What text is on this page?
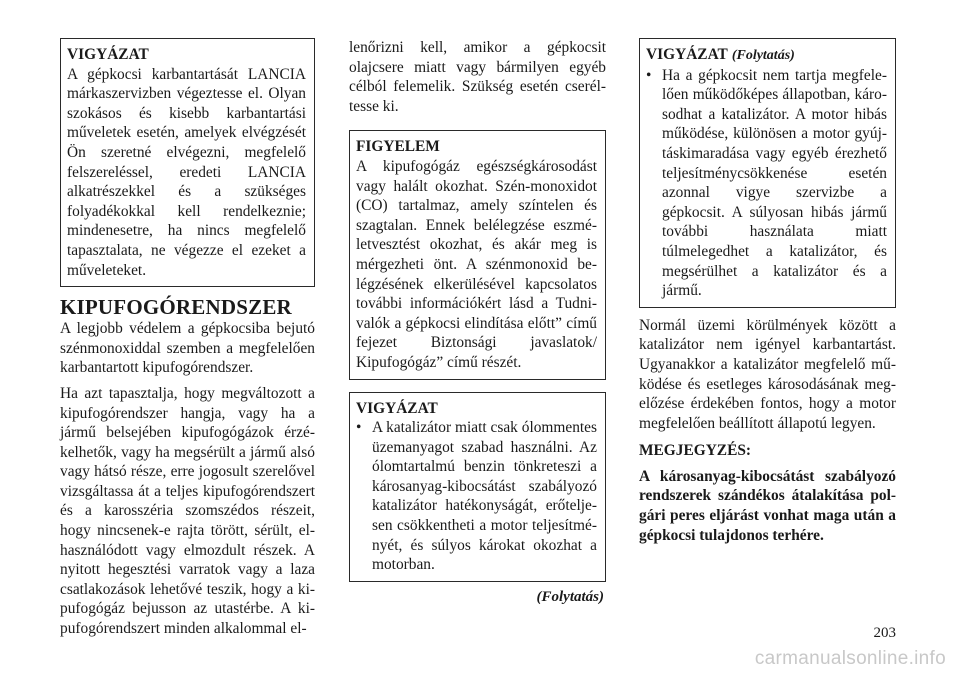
VIGYÁZAT

A gépkocsi karbantartását LANCIA márkaszervizben végeztesse el. Olyan szokásos és kisebb karbantartási műveletek esetén, amelyek elvégzését Ön szeretné elvégezni, megfelelő felszereléssel, eredeti LANCIA alkatrészekkel és a szükséges folyadékokkal kell rendelkeznie; mindenesetre, ha nincs megfelelő tapasztalata, ne végezze el ezeket a műveleteket.

KIPUFOGÓRENDSZER

A legjobb védelem a gépkocsiba bejutó szénmonoxiddal szemben a megfelelően karbantartott kipufogórendszer.

Ha azt tapasztalja, hogy megváltozott a kipufogórendszer hangja, vagy ha a jármű belsejében kipufogógázok érzékelhetők, vagy ha megsérült a jármű alsó vagy hátsó része, erre jogosult szerelővel vizsgáltassa át a teljes kipufogórendszert és a karosszéria szomszédos részeit, hogy nincsenek-e rajta törött, sérült, elhasználódott vagy elmozdult részek. A nyitott hegesztési varratok vagy a laza csatlakozások lehetővé teszik, hogy a kipufogógáz bejusson az utastérbe. A kipufogórendszert minden alkalommal el-

lenőrizni kell, amikor a gépkocsit olajcsere miatt vagy bármilyen egyéb célból felemelik. Szükség esetén cseréltesse ki.

FIGYELEM

A kipufogógáz egészségkárosodást vagy halált okozhat. Szén-monoxidot (CO) tartalmaz, amely színtelen és szagtalan. Ennek belélegzése eszméletvesztést okozhat, és akár meg is mérgezheti önt. A szénmonoxid belégzésének elkerülésével kapcsolatos további információkért lásd a Tudnivalók a gépkocsi elindítása előtt” című fejezet Biztonsági javaslatok/ Kipufogógáz” című részét.

VIGYÁZAT
• A katalizátor miatt csak ólommentes üzemanyagot szabad használni. Az ólomtartalmú benzin tönkreteszi a károsanyag-kibocsátást szabályozó katalizátor hatékonyságát, erőteljesen csökkentheti a motor teljesítményét, és súlyos károkat okozhat a motorban.
(Folytatás)
VIGYÁZAT (Folytatás)
• Ha a gépkocsit nem tartja megfelelően működőképes állapotban, károsodhat a katalizátor. A motor hibás működése, különösen a motor gyújtáskimaradása vagy egyéb érezhető teljesítménycsökkenése esetén azonnal vigye szervizbe a gépkocsit. A súlyosan hibás jármű további használata miatt túlmelegedhet a katalizátor, és megsérülhet a katalizátor és a jármű.

Normál üzemi körülmények között a katalizátor nem igényel karbantartást. Ugyanakkor a katalizátor megfelelő működése és esetleges károsodásának megelőzése érdekében fontos, hogy a motor megfelelően beállított állapotú legyen.

MEGJEGYZÉS:

A károsanyag-kibocsátást szabályozó rendszerek szándékos átalakítása polgári peres eljárást vonhat maga után a gépkocsi tulajdonos terhére.

203
carmanualsonline.info
